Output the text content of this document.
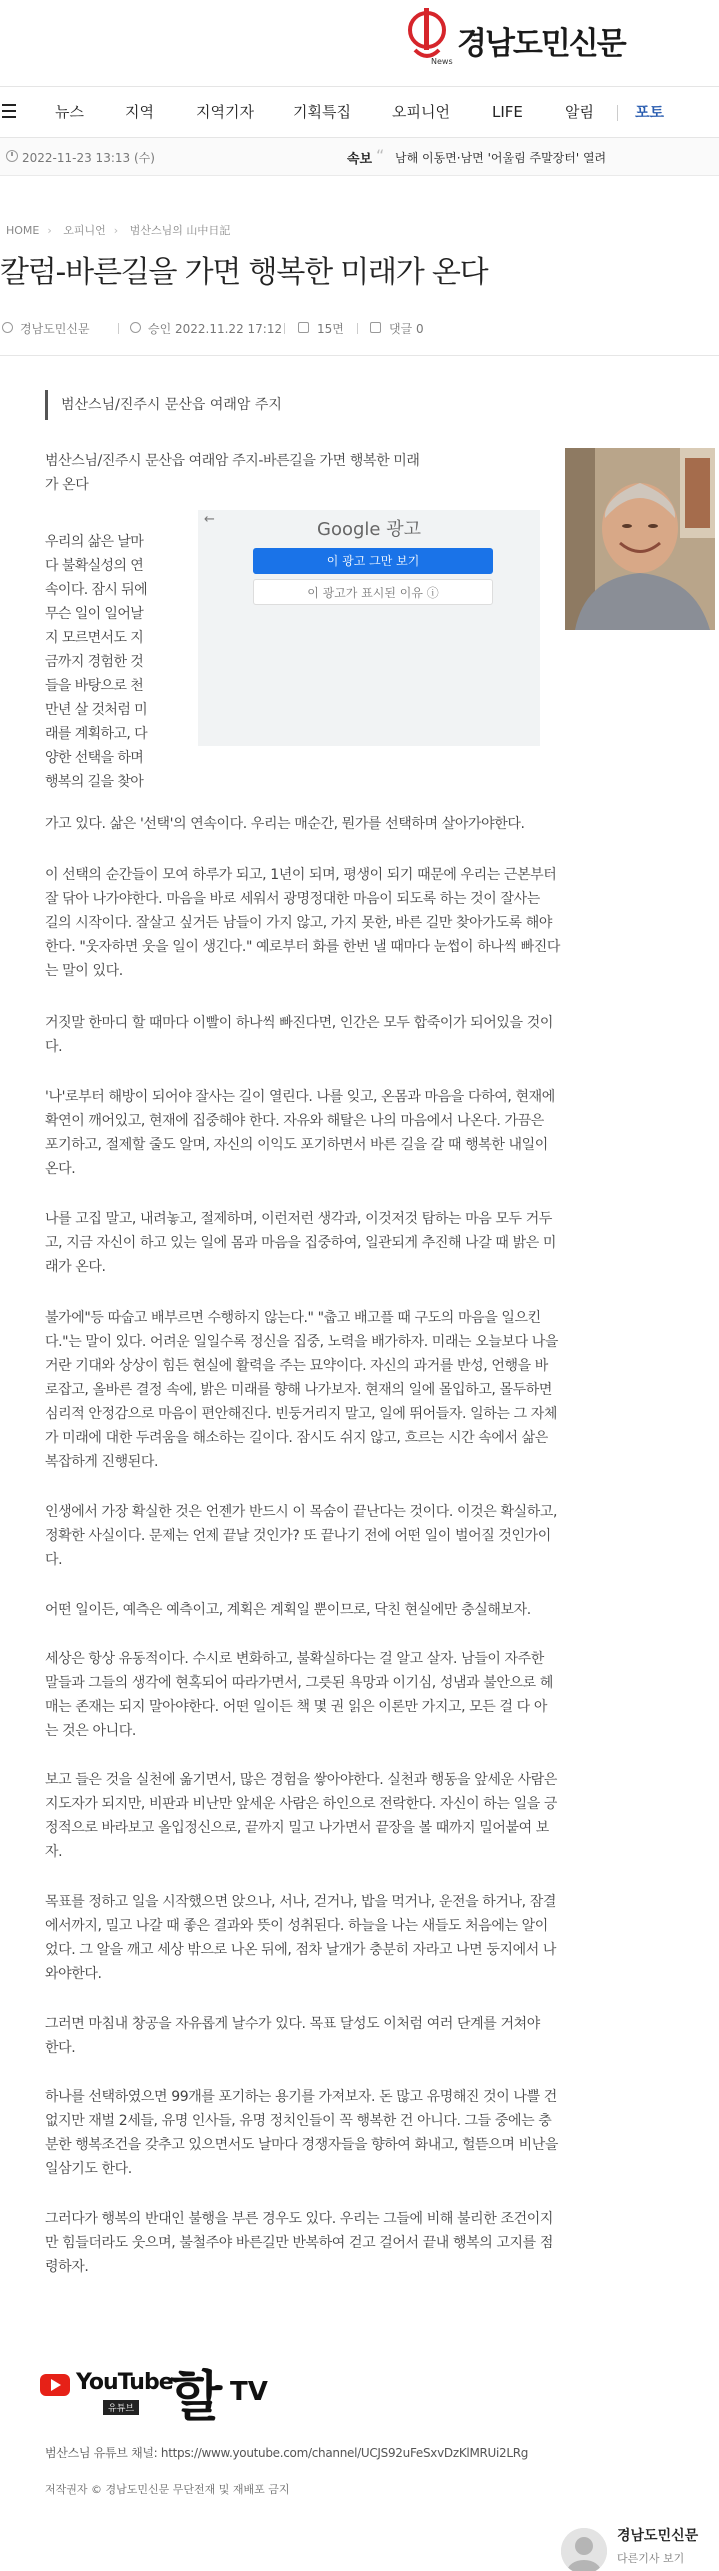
News 경남도민신문
뉴스	지역	지역기자	기획특집	오피니언	LIFE	알림	포토
2022-11-23 13:13 (수)	속보 “ 남해 이동면·남면 '어울림 주말장터' 열려
HOME › 오피니언 › 범산스님의 山中日記
칼럼-바른길을 가면 행복한 미래가 온다
경남도민신문	승인 2022.11.22 17:12	15면	댓글 0
범산스님/진주시 문산읍 여래암 주지
범산스님/진주시 문산읍 여래암 주지-바른길을 가면 행복한 미래
가 온다
우리의 삶은 날마
다 불확실성의 연
속이다. 잠시 뒤에
무슨 일이 일어날
지 모르면서도 지
금까지 경험한 것
들을 바탕으로 천
만년 살 것처럼 미
래를 계획하고, 다
양한 선택을 하며
행복의 길을 찾아
←	Google 광고
이 광고 그만 보기
이 광고가 표시된 이유 ⓘ
가고 있다. 삶은 '선택'의 연속이다. 우리는 매순간, 뭔가를 선택하며 살아가야한다.
이 선택의 순간들이 모여 하루가 되고, 1년이 되며, 평생이 되기 때문에 우리는 근본부터
잘 닦아 나가야한다. 마음을 바로 세워서 광명정대한 마음이 되도록 하는 것이 잘사는
길의 시작이다. 잘살고 싶거든 남들이 가지 않고, 가지 못한, 바른 길만 찾아가도록 해야
한다. "웃자하면 웃을 일이 생긴다." 예로부터 화를 한번 낼 때마다 눈썹이 하나씩 빠진다
는 말이 있다.
거짓말 한마디 할 때마다 이빨이 하나씩 빠진다면, 인간은 모두 합죽이가 되어있을 것이
다.
'나'로부터 해방이 되어야 잘사는 길이 열린다. 나를 잊고, 온몸과 마음을 다하여, 현재에
확연이 깨어있고, 현재에 집중해야 한다. 자유와 해탈은 나의 마음에서 나온다. 가끔은
포기하고, 절제할 줄도 알며, 자신의 이익도 포기하면서 바른 길을 갈 때 행복한 내일이
온다.
나를 고집 말고, 내려놓고, 절제하며, 이런저런 생각과, 이것저것 탐하는 마음 모두 거두
고, 지금 자신이 하고 있는 일에 몸과 마음을 집중하여, 일관되게 추진해 나갈 때 밝은 미
래가 온다.
불가에"등 따숩고 배부르면 수행하지 않는다." "춥고 배고플 때 구도의 마음을 일으킨
다."는 말이 있다. 어려운 일일수록 정신을 집중, 노력을 배가하자. 미래는 오늘보다 나을
거란 기대와 상상이 힘든 현실에 활력을 주는 묘약이다. 자신의 과거를 반성, 언행을 바
로잡고, 올바른 결정 속에, 밝은 미래를 향해 나가보자. 현재의 일에 몰입하고, 몰두하면
심리적 안정감으로 마음이 편안해진다. 빈둥거리지 말고, 일에 뛰어들자. 일하는 그 자체
가 미래에 대한 두려움을 해소하는 길이다. 잠시도 쉬지 않고, 흐르는 시간 속에서 삶은
복잡하게 진행된다.
인생에서 가장 확실한 것은 언젠가 반드시 이 목숨이 끝난다는 것이다. 이것은 확실하고,
정확한 사실이다. 문제는 언제 끝날 것인가? 또 끝나기 전에 어떤 일이 벌어질 것인가이
다.
어떤 일이든, 예측은 예측이고, 계획은 계획일 뿐이므로, 닥친 현실에만 충실해보자.
세상은 항상 유동적이다. 수시로 변화하고, 불확실하다는 걸 알고 살자. 남들이 자주한
말들과 그들의 생각에 현혹되어 따라가면서, 그릇된 욕망과 이기심, 성냄과 불안으로 헤
매는 존재는 되지 말아야한다. 어떤 일이든 책 몇 권 읽은 이론만 가지고, 모든 걸 다 아
는 것은 아니다.
보고 들은 것을 실천에 옮기면서, 많은 경험을 쌓아야한다. 실천과 행동을 앞세운 사람은
지도자가 되지만, 비판과 비난만 앞세운 사람은 하인으로 전락한다. 자신이 하는 일을 긍
정적으로 바라보고 올입정신으로, 끝까지 밀고 나가면서 끝장을 볼 때까지 밀어붙여 보
자.
목표를 정하고 일을 시작했으면 앉으나, 서나, 걷거나, 밥을 먹거나, 운전을 하거나, 잠결
에서까지, 밀고 나갈 때 좋은 결과와 뜻이 성취된다. 하늘을 나는 새들도 처음에는 알이
었다. 그 알을 깨고 세상 밖으로 나온 뒤에, 점차 날개가 충분히 자라고 나면 둥지에서 나
와야한다.
그러면 마침내 창공을 자유롭게 날수가 있다. 목표 달성도 이처럼 여러 단계를 거쳐야
한다.
하나를 선택하였으면 99개를 포기하는 용기를 가져보자. 돈 많고 유명해진 것이 나쁠 건
없지만 재벌 2세들, 유명 인사들, 유명 정치인들이 꼭 행복한 건 아니다. 그들 중에는 충
분한 행복조건을 갖추고 있으면서도 날마다 경쟁자들을 향하여 화내고, 헐뜯으며 비난을
일삼기도 한다.
그러다가 행복의 반대인 불행을 부른 경우도 있다. 우리는 그들에 비해 불리한 조건이지
만 힘들더라도 웃으며, 불철주야 바른길만 반복하여 걷고 걸어서 끝내 행복의 고지를 점
령하자.
YouTube
유튜브 할 TV
범산스님 유튜브 채널: https://www.youtube.com/channel/UCJS92uFeSxvDzKlMRUi2LRg
저작권자 © 경남도민신문 무단전재 및 재배포 금지
경남도민신문
다른기사 보기
